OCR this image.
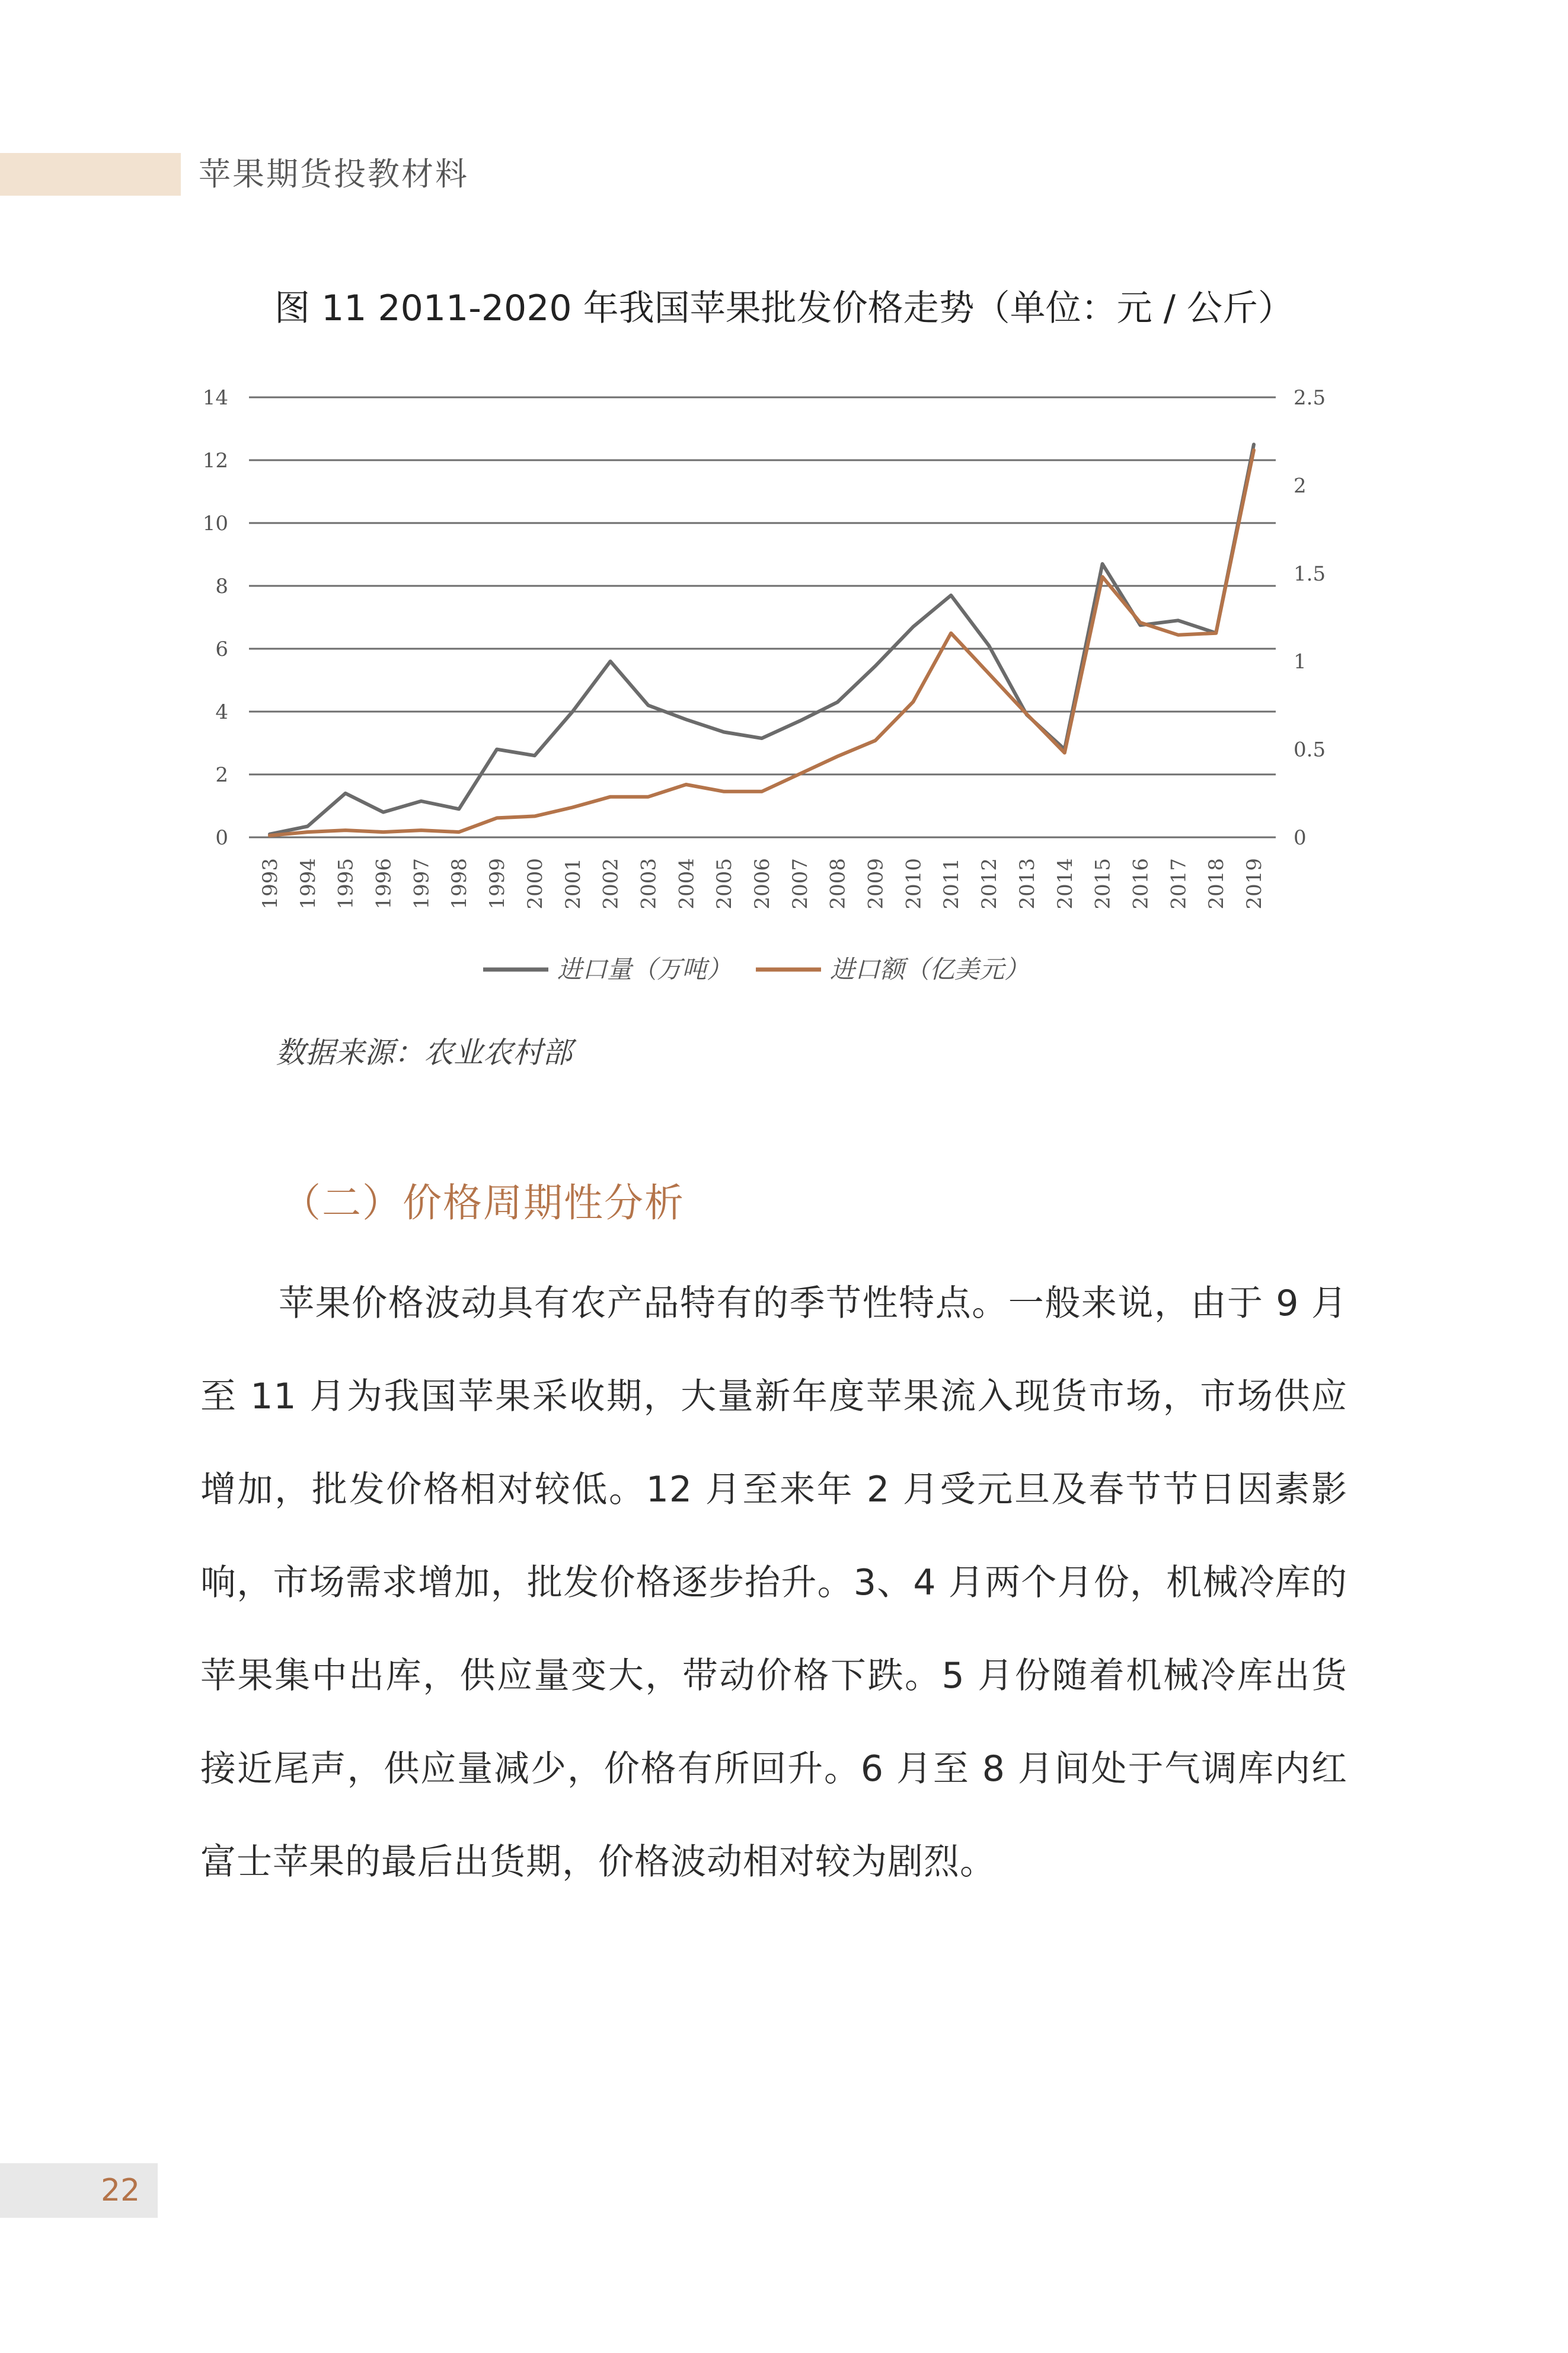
苹果期货投教材料
图 11 2011-2020 年我国苹果批发价格走势（单位：元 / 公斤）
0
2
4
6
8
10
12
14
0
0.5
1
1.5
2
2.5
1993 1994 1995 1996 1997 1998 1999 2000 2001 2002 2003 2004 2005 2006 2007 2008 2009 2010 2011 2012 2013 2014 2015 2016 2017 2018 2019
进口量（万吨）	进口额（亿美元）
数据来源：农业农村部
（二）价格周期性分析
苹果价格波动具有农产品特有的季节性特点。一般来说，由于 9 月至 11 月为我国苹果采收期，大量新年度苹果流入现货市场，市场供应增加，批发价格相对较低。12 月至来年 2 月受元旦及春节节日因素影响，市场需求增加，批发价格逐步抬升。3、4 月两个月份，机械冷库的苹果集中出库，供应量变大，带动价格下跌。5 月份随着机械冷库出货接近尾声，供应量减少，价格有所回升。6 月至 8 月间处于气调库内红富士苹果的最后出货期，价格波动相对较为剧烈。
22
